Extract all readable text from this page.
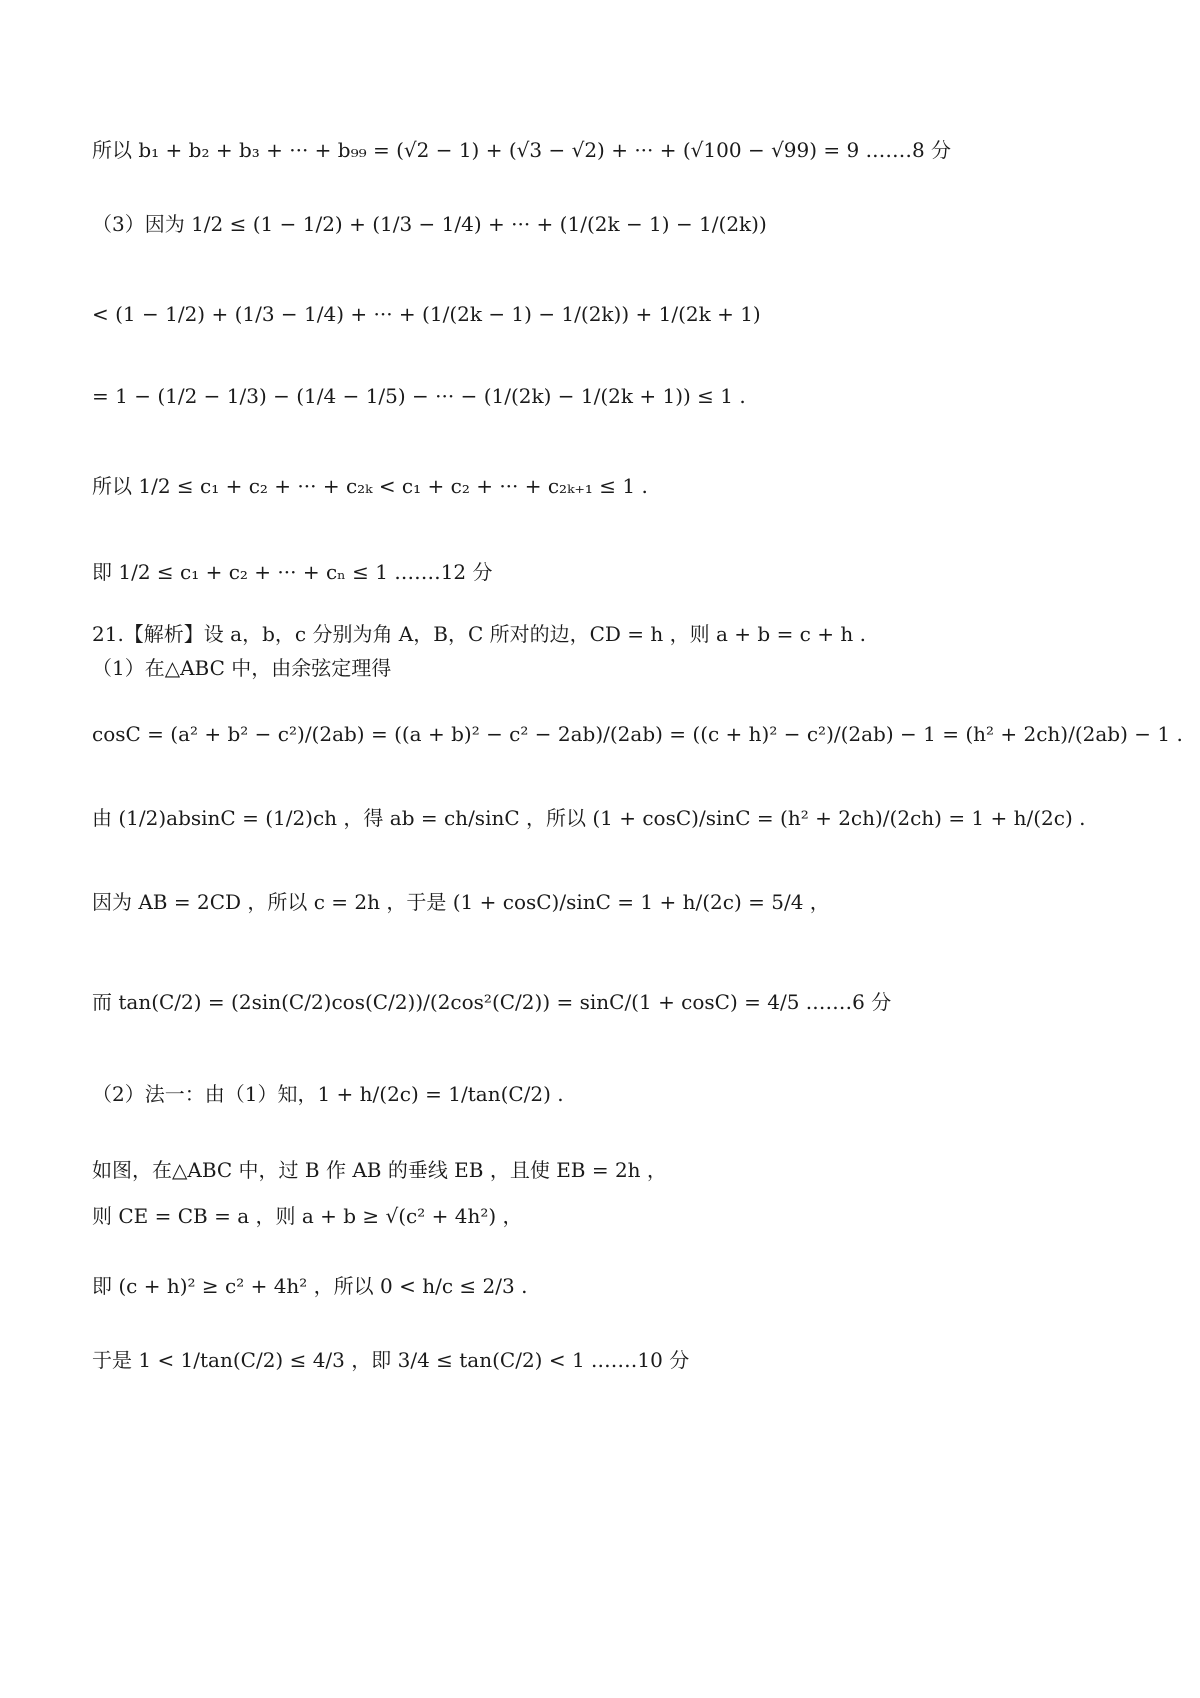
所以 b₁ + b₂ + b₃ + ··· + b₉₉ = (√2 − 1) + (√3 − √2) + ··· + (√100 − √99) = 9 .……8 分
（3）因为 1/2 ≤ (1 − 1/2) + (1/3 − 1/4) + ··· + (1/(2k − 1) − 1/(2k))
< (1 − 1/2) + (1/3 − 1/4) + ··· + (1/(2k − 1) − 1/(2k)) + 1/(2k + 1)
= 1 − (1/2 − 1/3) − (1/4 − 1/5) − ··· − (1/(2k) − 1/(2k + 1)) ≤ 1 .
所以 1/2 ≤ c₁ + c₂ + ··· + c₂ₖ < c₁ + c₂ + ··· + c₂ₖ₊₁ ≤ 1 .
即 1/2 ≤ c₁ + c₂ + ··· + cₙ ≤ 1 .……12 分
21.【解析】设 a，b，c 分别为角 A，B，C 所对的边，CD = h ，则 a + b = c + h .
（1）在△ABC 中，由余弦定理得
cosC = (a² + b² − c²)/(2ab) = ((a + b)² − c² − 2ab)/(2ab) = ((c + h)² − c²)/(2ab) − 1 = (h² + 2ch)/(2ab) − 1 .
由 (1/2)absinC = (1/2)ch ，得 ab = ch/sinC ，所以 (1 + cosC)/sinC = (h² + 2ch)/(2ch) = 1 + h/(2c) .
因为 AB = 2CD ，所以 c = 2h ，于是 (1 + cosC)/sinC = 1 + h/(2c) = 5/4 ，
而 tan(C/2) = (2sin(C/2)cos(C/2))/(2cos²(C/2)) = sinC/(1 + cosC) = 4/5 .……6 分
（2）法一：由（1）知，1 + h/(2c) = 1/tan(C/2) .
如图，在△ABC 中，过 B 作 AB 的垂线 EB ，且使 EB = 2h ，
则 CE = CB = a ，则 a + b ≥ √(c² + 4h²) ，
即 (c + h)² ≥ c² + 4h² ，所以 0 < h/c ≤ 2/3 .
于是 1 < 1/tan(C/2) ≤ 4/3 ，即 3/4 ≤ tan(C/2) < 1 .……10 分
